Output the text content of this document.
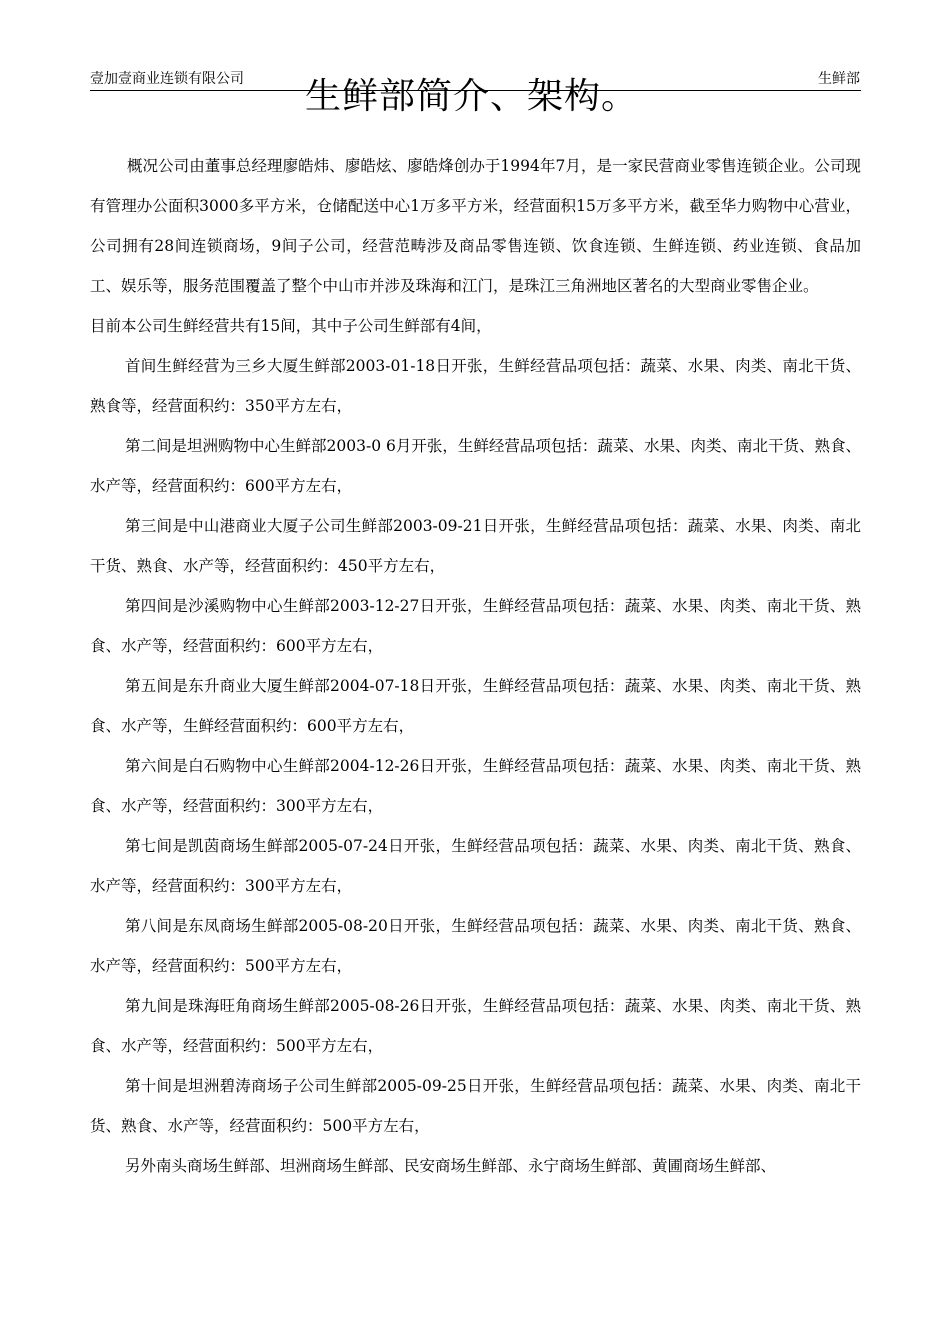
壹加壹商业连锁有限公司	生鲜部
生鲜部简介、架构。

概况公司由董事总经理廖皓炜、廖皓炫、廖皓烽创办于1994年7月，是一家民营商业零售连锁企业。公司现有管理办公面积3000多平方米，仓储配送中心1万多平方米，经营面积15万多平方米，截至华力购物中心营业，公司拥有28间连锁商场，9间子公司，经营范畴涉及商品零售连锁、饮食连锁、生鲜连锁、药业连锁、食品加工、娱乐等，服务范围覆盖了整个中山市并涉及珠海和江门，是珠江三角洲地区著名的大型商业零售企业。

目前本公司生鲜经营共有15间，其中子公司生鲜部有4间，

首间生鲜经营为三乡大厦生鲜部2003-01-18日开张，生鲜经营品项包括：蔬菜、水果、肉类、南北干货、熟食等，经营面积约：350平方左右，

第二间是坦洲购物中心生鲜部2003-0 6月开张，生鲜经营品项包括：蔬菜、水果、肉类、南北干货、熟食、水产等，经营面积约：600平方左右，

第三间是中山港商业大厦子公司生鲜部2003-09-21日开张，生鲜经营品项包括：蔬菜、水果、肉类、南北干货、熟食、水产等，经营面积约：450平方左右，

第四间是沙溪购物中心生鲜部2003-12-27日开张，生鲜经营品项包括：蔬菜、水果、肉类、南北干货、熟食、水产等，经营面积约：600平方左右，

第五间是东升商业大厦生鲜部2004-07-18日开张，生鲜经营品项包括：蔬菜、水果、肉类、南北干货、熟食、水产等，生鲜经营面积约：600平方左右，

第六间是白石购物中心生鲜部2004-12-26日开张，生鲜经营品项包括：蔬菜、水果、肉类、南北干货、熟食、水产等，经营面积约：300平方左右，

第七间是凯茵商场生鲜部2005-07-24日开张，生鲜经营品项包括：蔬菜、水果、肉类、南北干货、熟食、水产等，经营面积约：300平方左右，

第八间是东凤商场生鲜部2005-08-20日开张，生鲜经营品项包括：蔬菜、水果、肉类、南北干货、熟食、水产等，经营面积约：500平方左右，

第九间是珠海旺角商场生鲜部2005-08-26日开张，生鲜经营品项包括：蔬菜、水果、肉类、南北干货、熟食、水产等，经营面积约：500平方左右，

第十间是坦洲碧涛商场子公司生鲜部2005-09-25日开张，生鲜经营品项包括：蔬菜、水果、肉类、南北干货、熟食、水产等，经营面积约：500平方左右，

另外南头商场生鲜部、坦洲商场生鲜部、民安商场生鲜部、永宁商场生鲜部、黄圃商场生鲜部、
